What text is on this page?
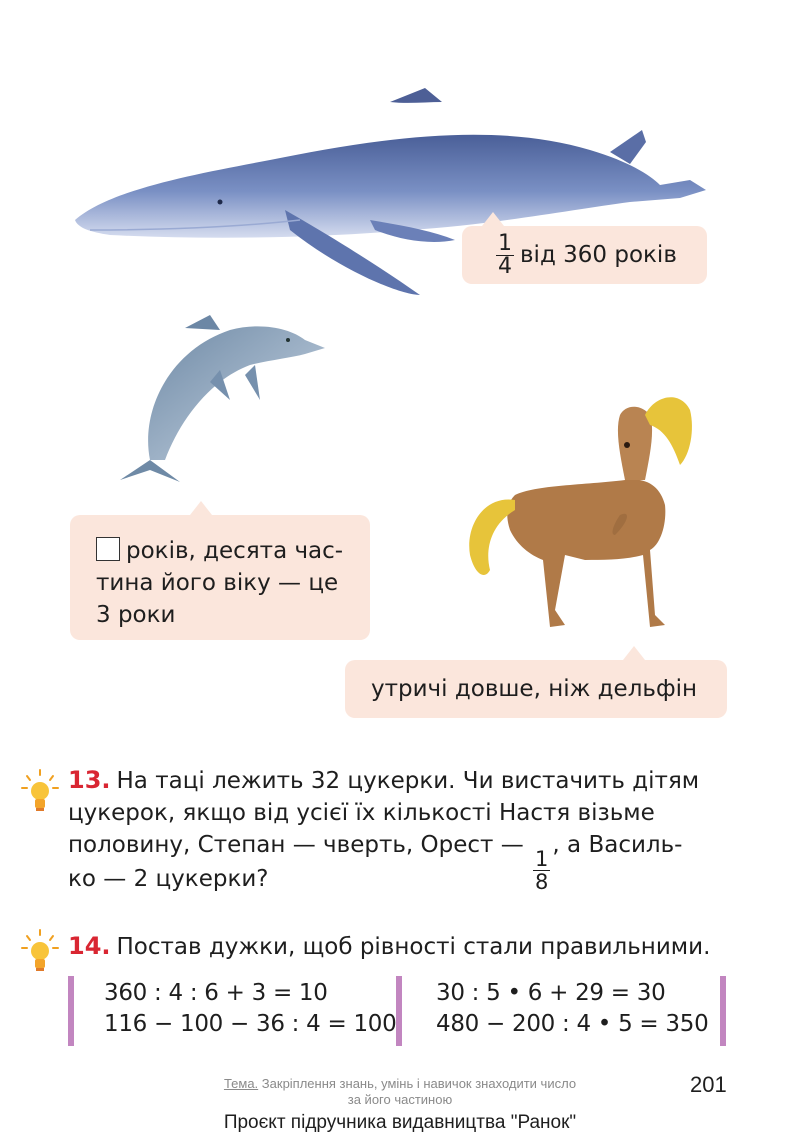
$\frac{1}{4}$ від 360 років
років, десята час-
тина його віку — це
3 роки
утричі довше, ніж дельфін
13. На таці лежить 32 цукерки. Чи вистачить дітям
цукерок, якщо від усієї їх кількості Настя візьме
половину, Степан — чверть, Орест —
$\frac{1}{8}$
, а Василь-
ко — 2 цукерки?
14. Постав дужки, щоб рівності стали правильними.
360 : 4 : 6 + 3 = 10
116 − 100 − 36 : 4 = 100
30 : 5 • 6 + 29 = 30
480 − 200 : 4 • 5 = 350
Тема. Закріплення знань, умінь і навичок знаходити число
за його частиною
201
Проєкт підручника видавництва "Ранок"
